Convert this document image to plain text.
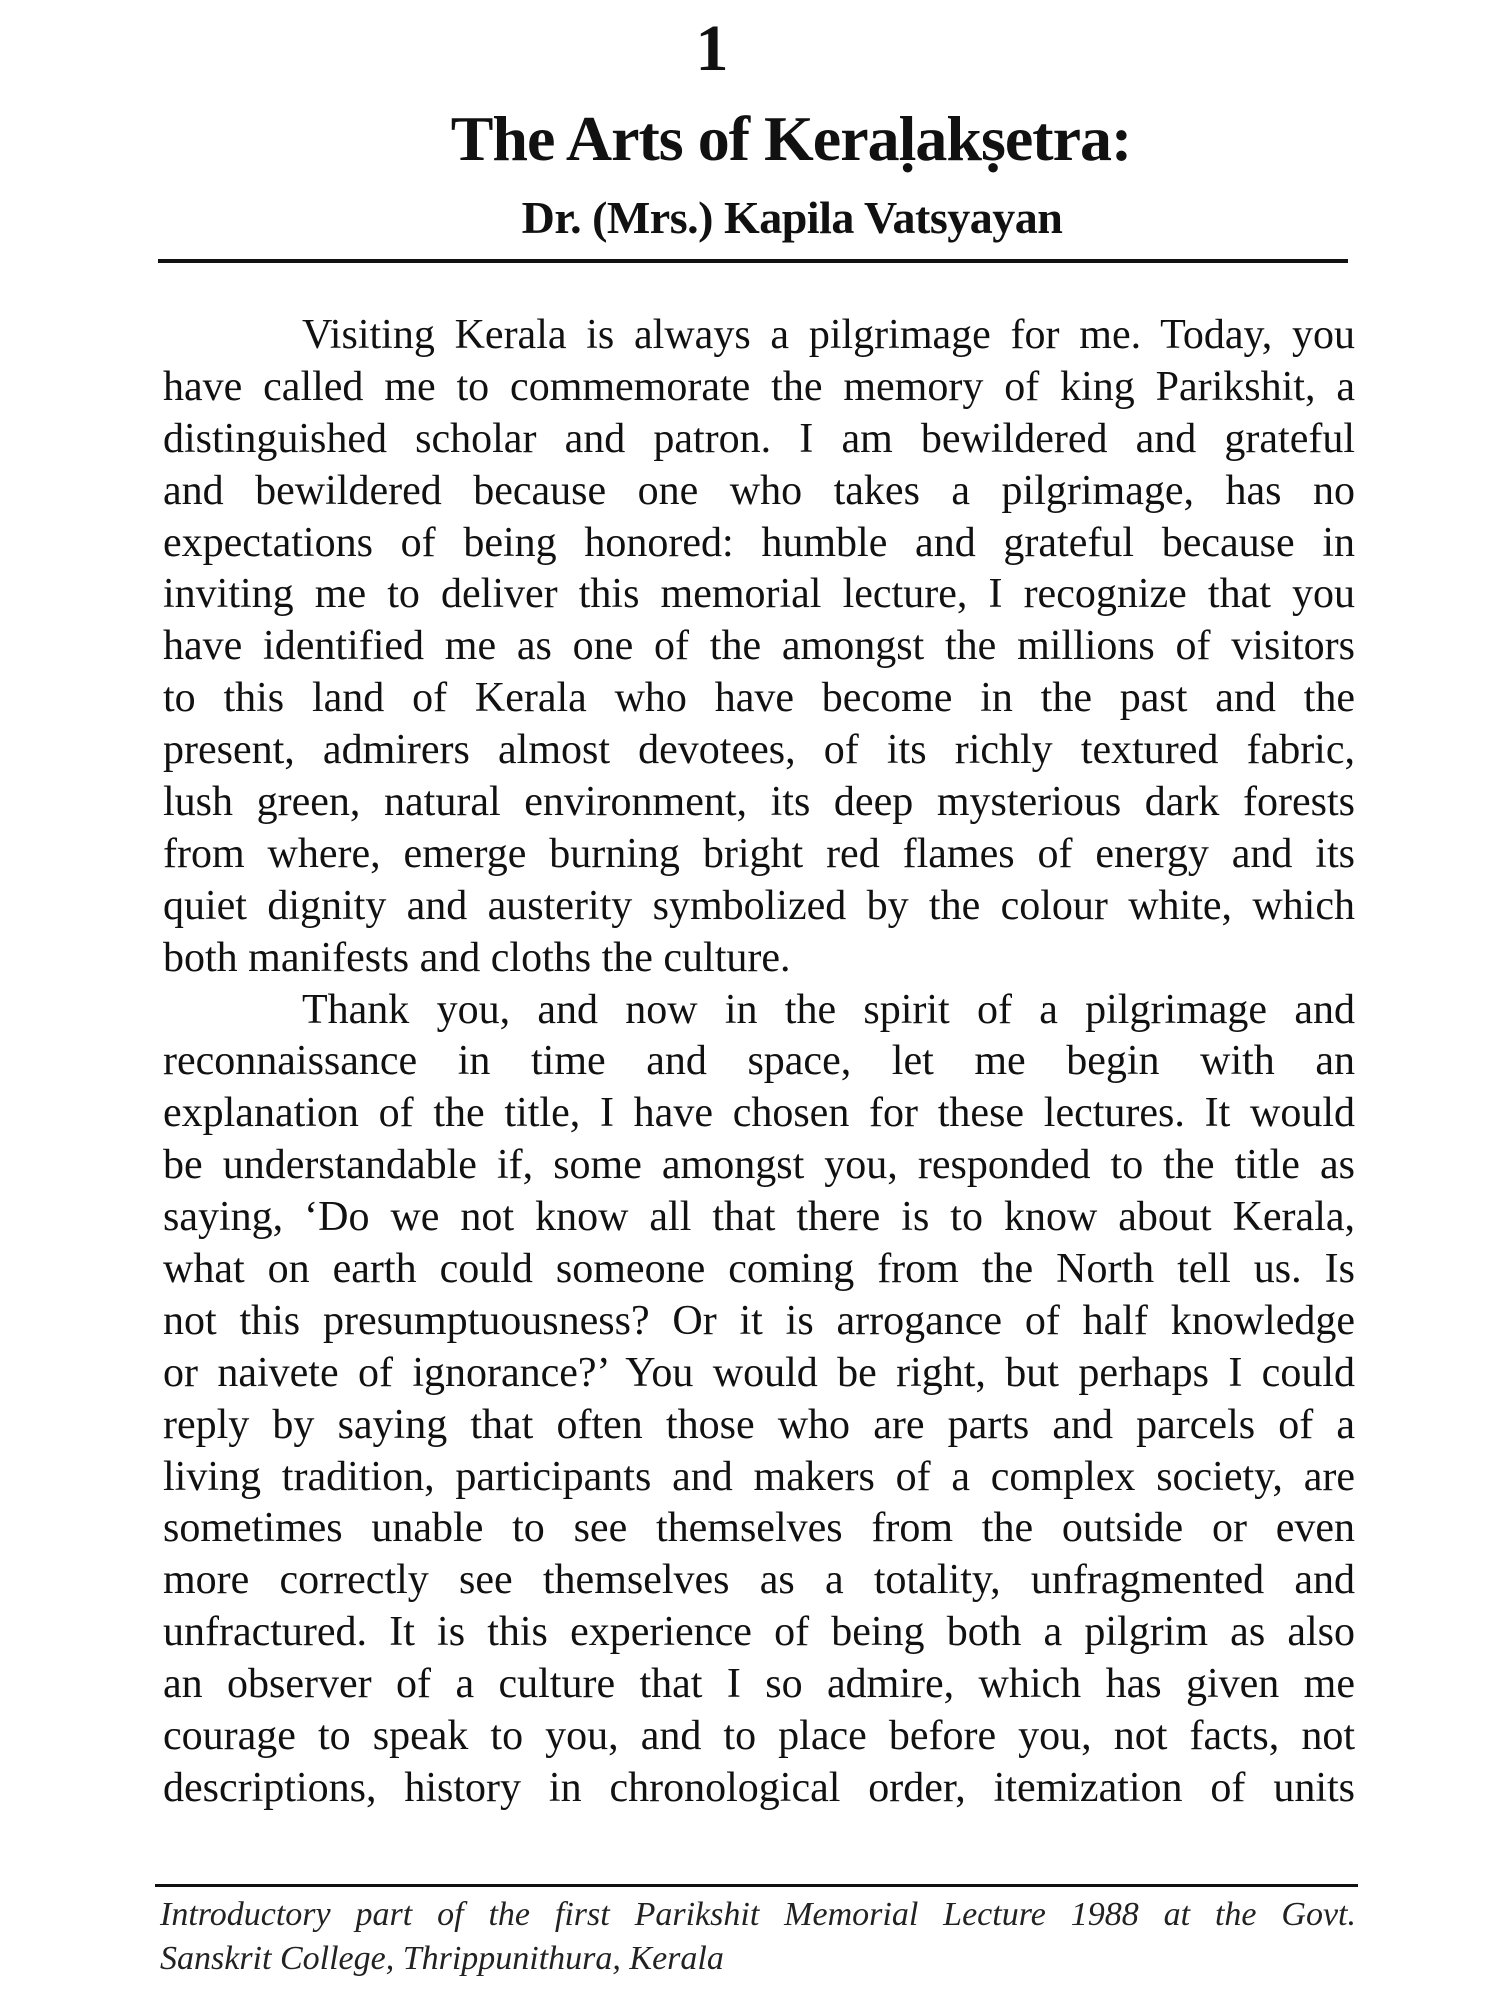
1
The Arts of Keraḷakṣetra:
Dr. (Mrs.) Kapila Vatsyayan
Visiting Kerala is always a pilgrimage for me. Today, you
have called me to commemorate the memory of king Parikshit, a
distinguished scholar and patron. I am bewildered and grateful
and bewildered because one who takes a pilgrimage, has no
expectations of being honored: humble and grateful because in
inviting me to deliver this memorial lecture, I recognize that you
have identified me as one of the amongst the millions of visitors
to this land of Kerala who have become in the past and the
present, admirers almost devotees, of its richly textured fabric,
lush green, natural environment, its deep mysterious dark forests
from where, emerge burning bright red flames of energy and its
quiet dignity and austerity symbolized by the colour white, which
both manifests and cloths the culture.
Thank you, and now in the spirit of a pilgrimage and
reconnaissance in time and space, let me begin with an
explanation of the title, I have chosen for these lectures. It would
be understandable if, some amongst you, responded to the title as
saying, ‘Do we not know all that there is to know about Kerala,
what on earth could someone coming from the North tell us. Is
not this presumptuousness? Or it is arrogance of half knowledge
or naivete of ignorance?’ You would be right, but perhaps I could
reply by saying that often those who are parts and parcels of a
living tradition, participants and makers of a complex society, are
sometimes unable to see themselves from the outside or even
more correctly see themselves as a totality, unfragmented and
unfractured. It is this experience of being both a pilgrim as also
an observer of a culture that I so admire, which has given me
courage to speak to you, and to place before you, not facts, not
descriptions, history in chronological order, itemization of units
Introductory part of the first Parikshit Memorial Lecture 1988 at the Govt.
Sanskrit College, Thrippunithura, Kerala
